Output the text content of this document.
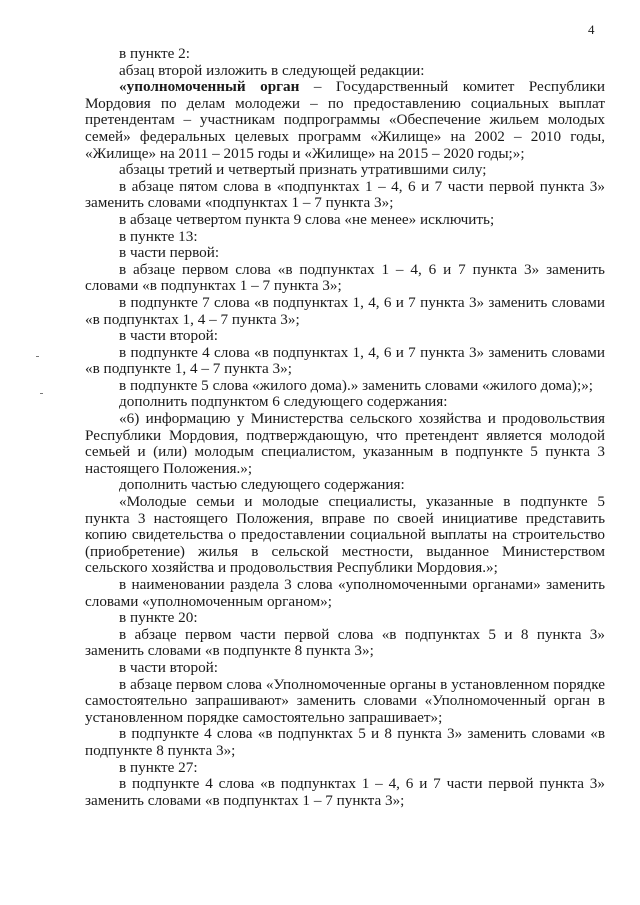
4

в пункте 2:

абзац второй изложить в следующей редакции:

«уполномоченный орган – Государственный комитет Республики Мордовия по делам молодежи – по предоставлению социальных выплат претендентам – участникам подпрограммы «Обеспечение жильем молодых семей» федеральных целевых программ «Жилище» на 2002 – 2010 годы, «Жилище» на 2011 – 2015 годы и «Жилище» на 2015 – 2020 годы;»;

абзацы третий и четвертый признать утратившими силу;

в абзаце пятом слова в «подпунктах 1 – 4, 6 и 7 части первой пункта 3» заменить словами «подпунктах 1 – 7 пункта 3»;

в абзаце четвертом пункта 9 слова «не менее» исключить;

в пункте 13:

в части первой:

в абзаце первом слова «в подпунктах 1 – 4, 6 и 7 пункта 3» заменить словами «в подпунктах 1 – 7 пункта 3»;

в подпункте 7 слова «в подпунктах 1, 4, 6 и 7 пункта 3» заменить словами «в подпунктах 1, 4 – 7 пункта 3»;

в части второй:

в подпункте 4 слова «в подпунктах 1, 4, 6 и 7 пункта 3» заменить словами «в подпункте 1, 4 – 7 пункта 3»;

в подпункте 5 слова «жилого дома).» заменить словами «жилого дома);»;

дополнить подпунктом 6 следующего содержания:

«6) информацию у Министерства сельского хозяйства и продовольствия Республики Мордовия, подтверждающую, что претендент является молодой семьей и (или) молодым специалистом, указанным в подпункте 5 пункта 3 настоящего Положения.»;

дополнить частью следующего содержания:

«Молодые семьи и молодые специалисты, указанные в подпункте 5 пункта 3 настоящего Положения, вправе по своей инициативе представить копию свидетельства о предоставлении социальной выплаты на строительство (приобретение) жилья в сельской местности, выданное Министерством сельского хозяйства и продовольствия Республики Мордовия.»;

в наименовании раздела 3 слова «уполномоченными органами» заменить словами «уполномоченным органом»;

в пункте 20:

в абзаце первом части первой слова «в подпунктах 5 и 8 пункта 3» заменить словами «в подпункте 8 пункта 3»;

в части второй:

в абзаце первом слова «Уполномоченные органы в установленном порядке самостоятельно запрашивают» заменить словами «Уполномоченный орган в установленном порядке самостоятельно запрашивает»;

в подпункте 4 слова «в подпунктах 5 и 8 пункта 3» заменить словами «в подпункте 8 пункта 3»;

в пункте 27:

в подпункте 4 слова «в подпунктах 1 – 4, 6 и 7 части первой пункта 3» заменить словами «в подпунктах 1 – 7 пункта 3»;
